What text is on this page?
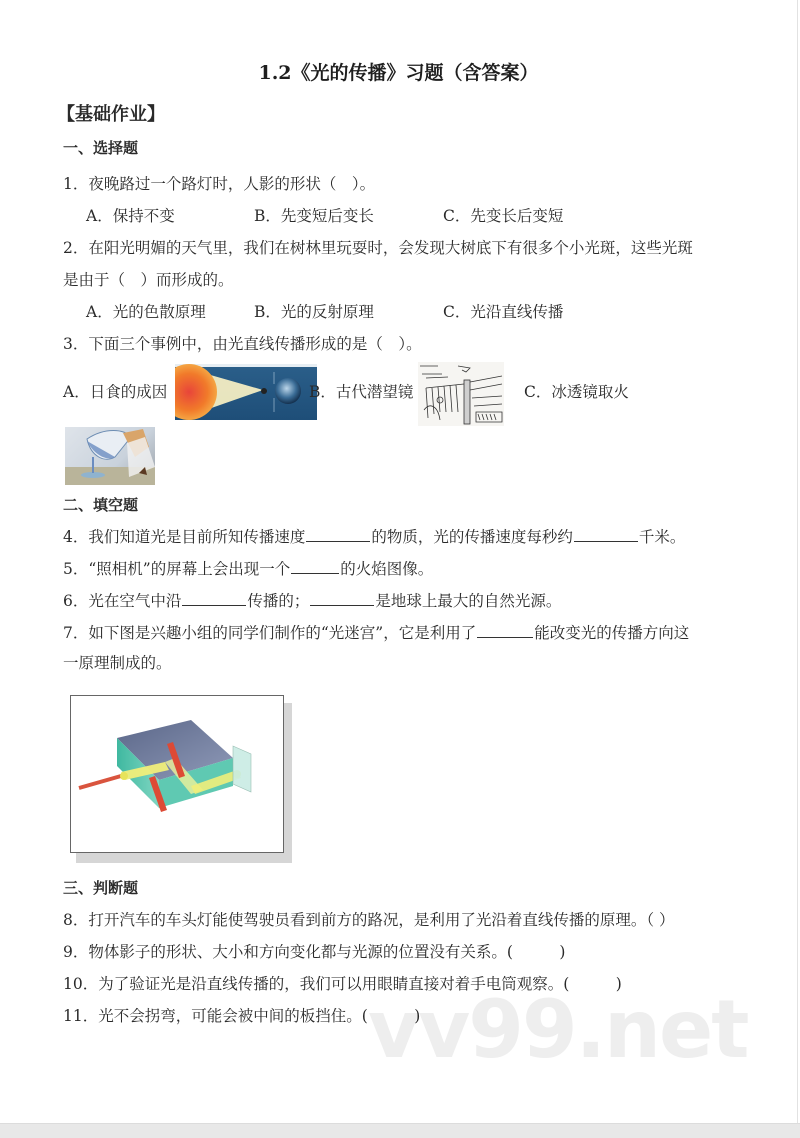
vv99.net
1.2《光的传播》习题（含答案）
【基础作业】
一、选择题
1．夜晚路过一个路灯时，人影的形状（　）。
A．保持不变	B．先变短后变长	C．先变长后变短
2．在阳光明媚的天气里，我们在树林里玩耍时，会发现大树底下有很多个小光斑，这些光斑
是由于（　）而形成的。
A．光的色散原理	B．光的反射原理	C．光沿直线传播
3．下面三个事例中，由光直线传播形成的是（　）。
A．日食的成因	B．古代潜望镜	C．冰透镜取火
二、填空题
4．我们知道光是目前所知传播速度	的物质，光的传播速度每秒约	千米。
5．“照相机”的屏幕上会出现一个	的火焰图像。
6．光在空气中沿	传播的；	是地球上最大的自然光源。
7．如下图是兴趣小组的同学们制作的“光迷宫”，它是利用了	能改变光的传播方向这
一原理制成的。
三、判断题
8．打开汽车的车头灯能使驾驶员看到前方的路况，是利用了光沿着直线传播的原理。（ ）
9．物体影子的形状、大小和方向变化都与光源的位置没有关系。(　　　)
10．为了验证光是沿直线传播的，我们可以用眼睛直接对着手电筒观察。(　　　)
11．光不会拐弯，可能会被中间的板挡住。(　　　)
